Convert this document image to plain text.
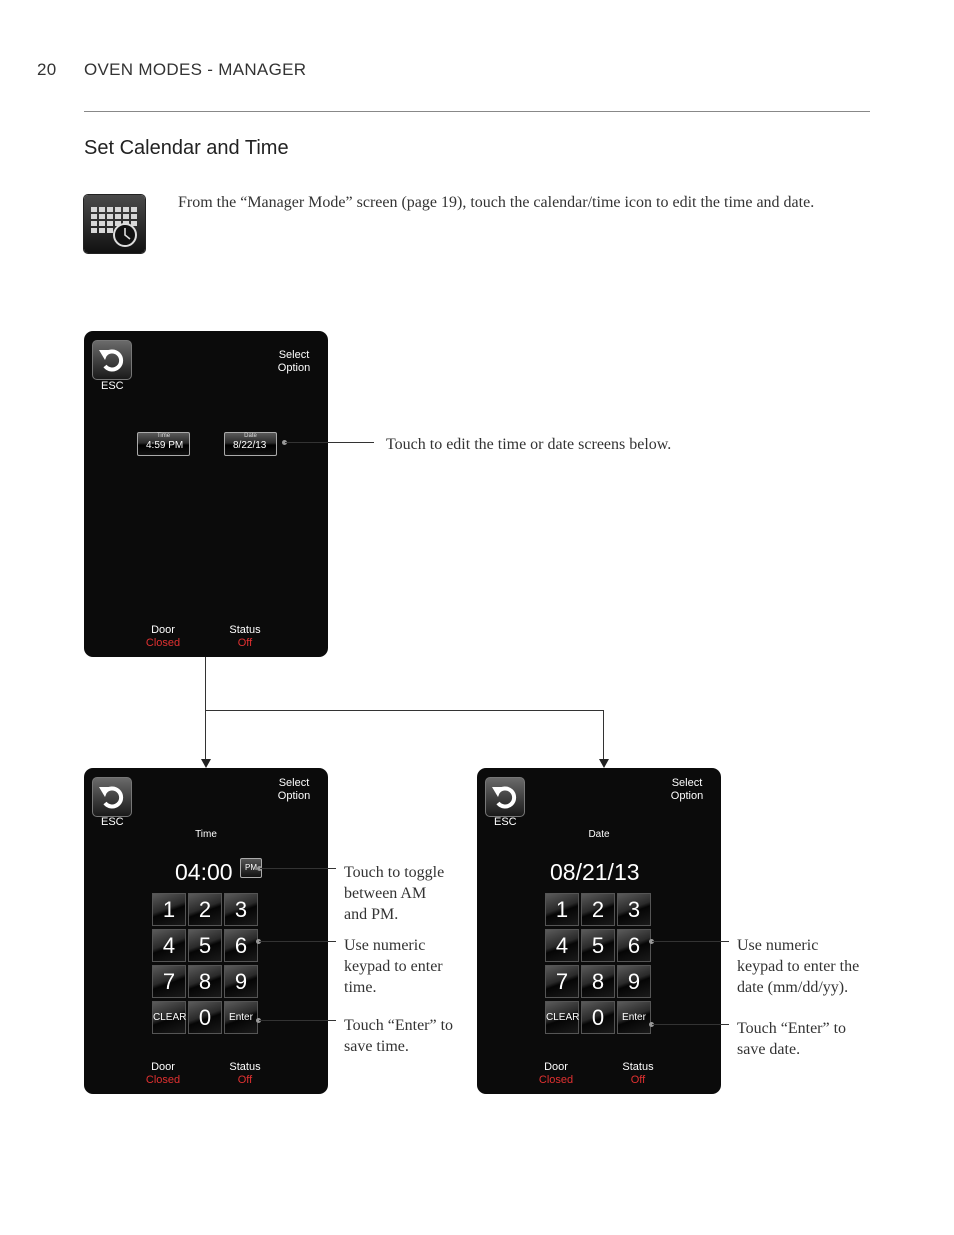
20 OVEN MODES - MANAGER
Set Calendar and Time
From the “Manager Mode” screen (page 19), touch the calendar/time icon to edit the time and date.
ESC
Select
Option
Time
4:59 PM
Date
8/22/13
Door
Closed
Status
Off
Touch to edit the time or date screens below.
ESC
Select
Option
Time
04:00	PM
1	2	3
4	5	6
7	8	9
CLEAR 0	Enter
Door
Closed
Status
Off
Touch to toggle
between AM
and PM.
Use numeric
keypad to enter
time.
Touch “Enter” to
save time.
ESC
Select
Option
Date
08/21/13
1	2	3
4	5	6
7	8	9
CLEAR 0	Enter
Door
Closed
Status
Off
Use numeric
keypad to enter the
date (mm/dd/yy).
Touch “Enter” to
save date.
